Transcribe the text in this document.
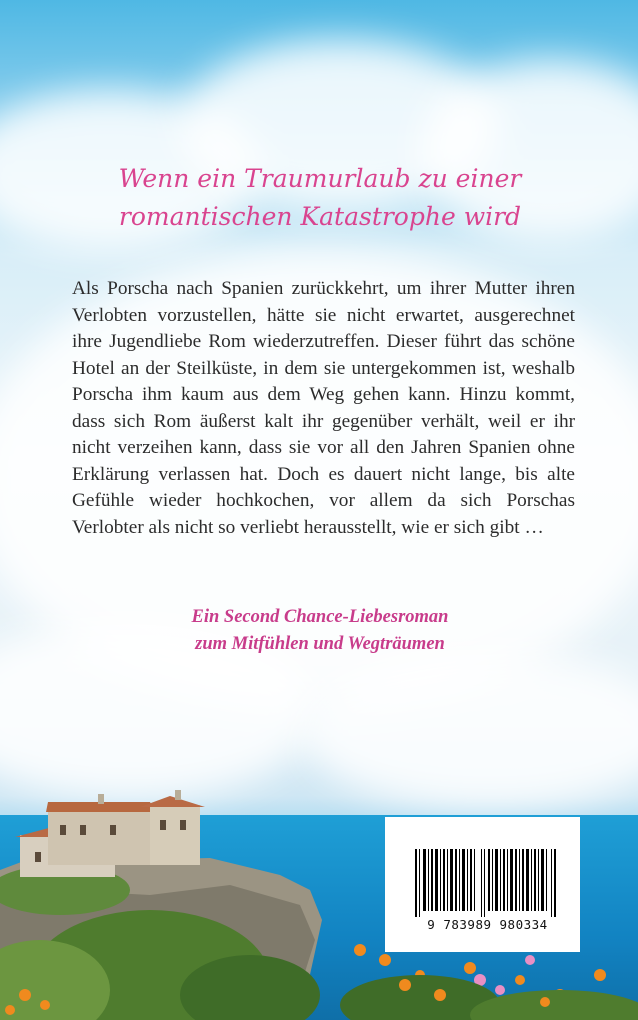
Wenn ein Traumurlaub zu einer
romantischen Katastrophe wird
Als Porscha nach Spanien zurückkehrt, um ihrer Mutter ihren Verlobten vorzustellen, hätte sie nicht erwartet, ausgerechnet ihre Jugendliebe Rom wiederzutreffen. Dieser führt das schöne Hotel an der Steilküste, in dem sie untergekommen ist, weshalb Porscha ihm kaum aus dem Weg gehen kann. Hinzu kommt, dass sich Rom äußerst kalt ihr gegenüber verhält, weil er ihr nicht verzeihen kann, dass sie vor all den Jahren Spanien ohne Erklärung verlassen hat. Doch es dauert nicht lange, bis alte Gefühle wieder hochkochen, vor allem da sich Porschas Verlobter als nicht so verliebt herausstellt, wie er sich gibt …
Ein Second Chance-Liebesroman
zum Mitfühlen und Wegträumen
9 783989 980334
